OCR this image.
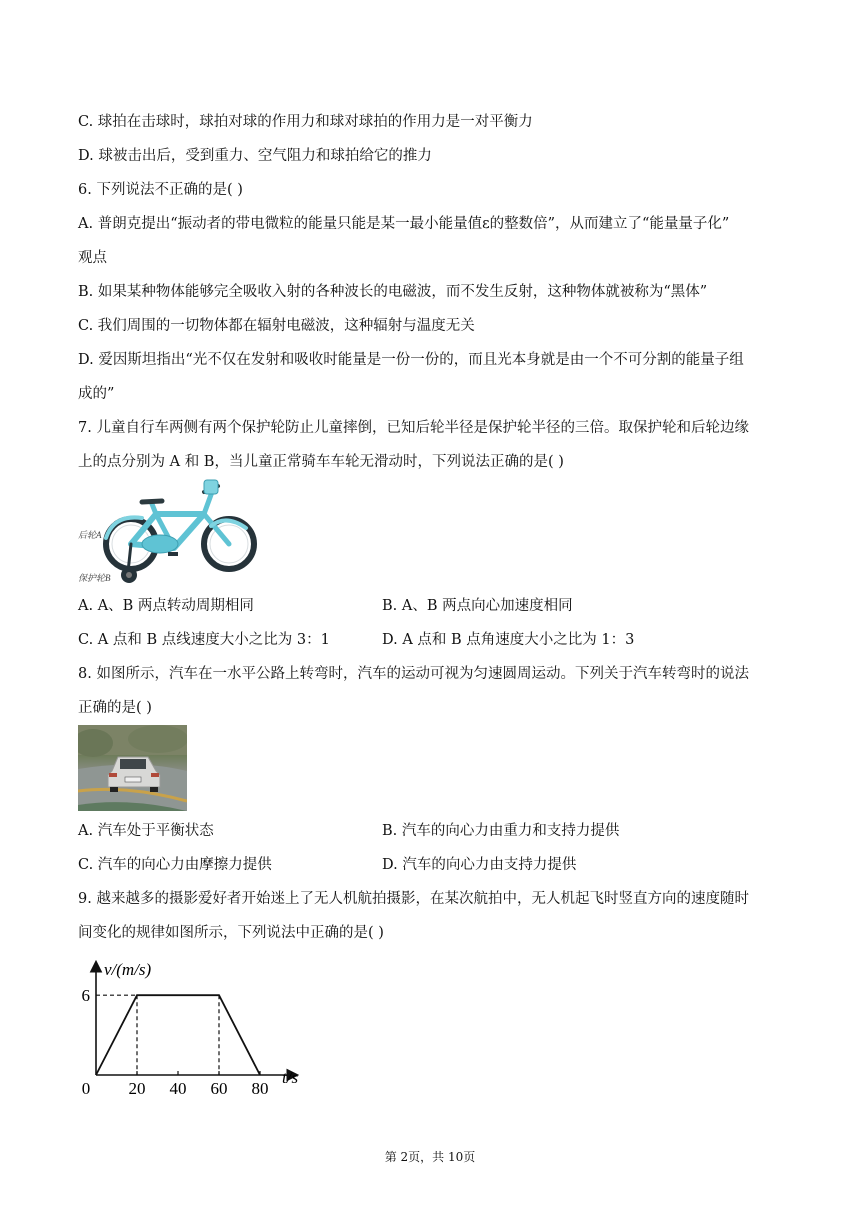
C. 球拍在击球时，球拍对球的作用力和球对球拍的作用力是一对平衡力
D. 球被击出后，受到重力、空气阻力和球拍给它的推力
6. 下列说法不正确的是( )
A. 普朗克提出“振动者的带电微粒的能量只能是某一最小能量值ε的整数倍”，从而建立了“能量量子化”
观点
B. 如果某种物体能够完全吸收入射的各种波长的电磁波，而不发生反射，这种物体就被称为“黑体”
C. 我们周围的一切物体都在辐射电磁波，这种辐射与温度无关
D. 爱因斯坦指出“光不仅在发射和吸收时能量是一份一份的，而且光本身就是由一个不可分割的能量子组
成的”
7. 儿童自行车两侧有两个保护轮防止儿童摔倒，已知后轮半径是保护轮半径的三倍。取保护轮和后轮边缘
上的点分别为 A 和 B，当儿童正常骑车车轮无滑动时，下列说法正确的是( )
后轮A
保护轮B
A. A、B 两点转动周期相同	B. A、B 两点向心加速度相同
C. A 点和 B 点线速度大小之比为 3：1	D. A 点和 B 点角速度大小之比为 1：3
8. 如图所示，汽车在一水平公路上转弯时，汽车的运动可视为匀速圆周运动。下列关于汽车转弯时的说法
正确的是( )
A. 汽车处于平衡状态	B. 汽车的向心力由重力和支持力提供
C. 汽车的向心力由摩擦力提供	D. 汽车的向心力由支持力提供
9. 越来越多的摄影爱好者开始迷上了无人机航拍摄影，在某次航拍中，无人机起飞时竖直方向的速度随时
间变化的规律如图所示，下列说法中正确的是( )
0 20 40 60 80
6
v/(m/s)
t/s
第 2页，共 10页
